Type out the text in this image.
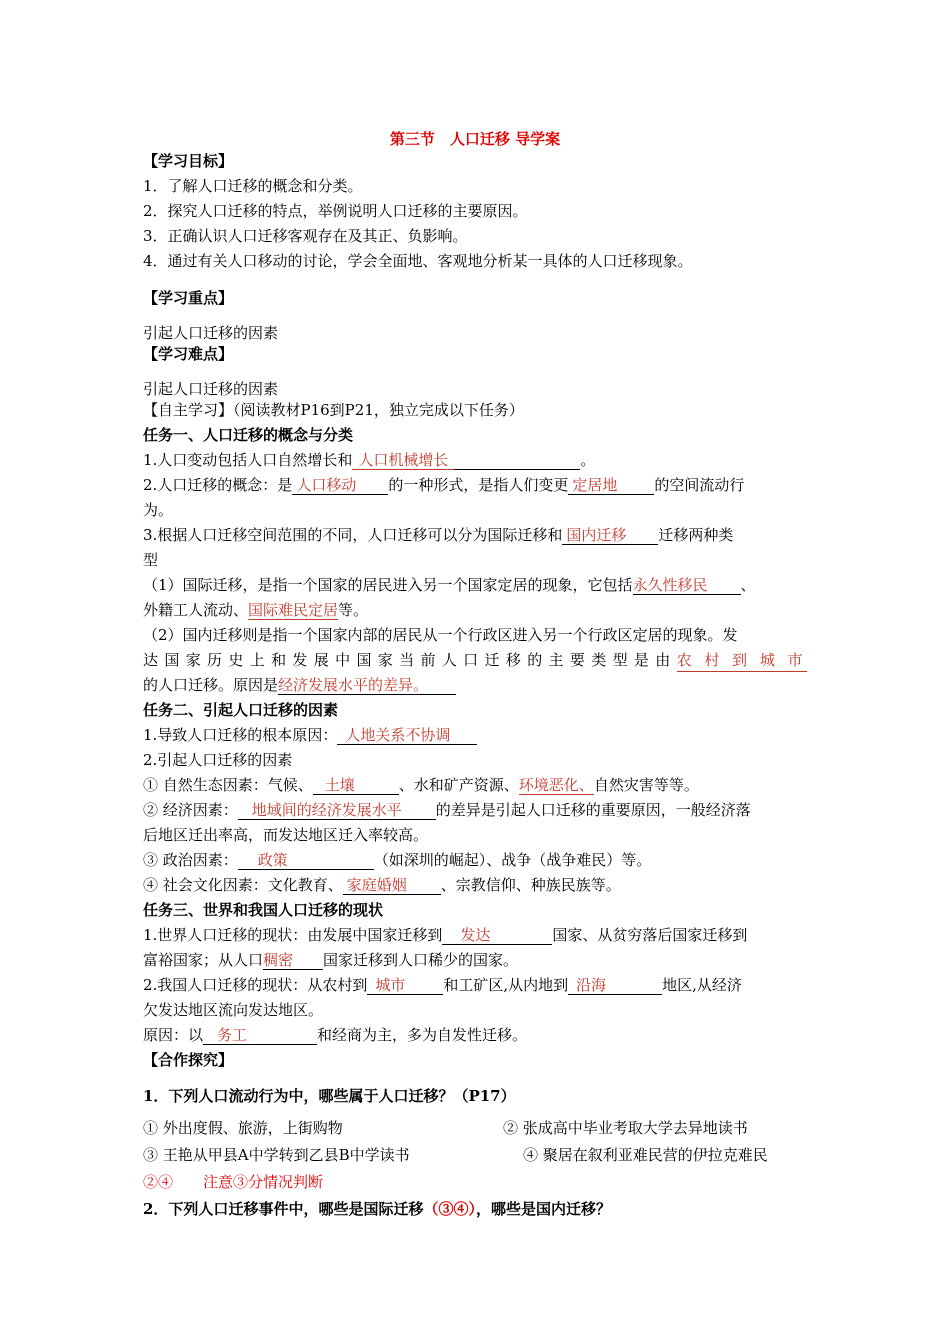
第三节　人口迁移 导学案
【学习目标】
1．了解人口迁移的概念和分类。
2．探究人口迁移的特点，举例说明人口迁移的主要原因。
3．正确认识人口迁移客观存在及其正、负影响。
4．通过有关人口移动的讨论，学会全面地、客观地分析某一具体的人口迁移现象。
【学习重点】
引起人口迁移的因素
【学习难点】
引起人口迁移的因素
【自主学习】（阅读教材P16到P21，独立完成以下任务）
任务一、人口迁移的概念与分类
1.人口变动包括人口自然增长和 人口机械增长	。
2.人口迁移的概念：是 人口移动 的一种形式，是指人们变更 定居地 的空间流动行
为。
3.根据人口迁移空间范围的不同，人口迁移可以分为国际迁移和 国内迁移 迁移两种类
型
（1）国际迁移，是指一个国家的居民进入另一个国家定居的现象，它包括永久性移民 、
外籍工人流动、国际难民定居等。
（2）国内迁移则是指一个国家内部的居民从一个行政区进入另一个行政区定居的现象。发
达 国 家 历 史 上 和 发 展 中 国 家 当 前 人 口 迁 移 的 主 要 类 型 是 由 农 村 到 城 市
的人口迁移。原因是经济发展水平的差异。
任务二、引起人口迁移的因素
1.导致人口迁移的根本原因： 人地关系不协调
2.引起人口迁移的因素
① 自然生态因素：气候、 土壤	、水和矿产资源、环境恶化、自然灾害等等。
② 经济因素： 地域间的经济发展水平 的差异是引起人口迁移的重要原因，一般经济落
后地区迁出率高，而发达地区迁入率较高。
③ 政治因素： 政策	（如深圳的崛起）、战争（战争难民）等。
④ 社会文化因素：文化教育、 家庭婚姻 、宗教信仰、种族民族等。
任务三、世界和我国人口迁移的现状
1.世界人口迁移的现状：由发展中国家迁移到 发达	国家、从贫穷落后国家迁移到
富裕国家；从人口稠密 国家迁移到人口稀少的国家。
2.我国人口迁移的现状：从农村到 城市	和工矿区,从内地到 沿海	地区,从经济
欠发达地区流向发达地区。
原因：以 务工	和经商为主，多为自发性迁移。
【合作探究】
1．下列人口流动行为中，哪些属于人口迁移？（P17）
① 外出度假、旅游，上街购物	② 张成高中毕业考取大学去异地读书
③ 王艳从甲县A中学转到乙县B中学读书	④ 聚居在叙利亚难民营的伊拉克难民
②④　　注意③分情况判断
2．下列人口迁移事件中，哪些是国际迁移（③④），哪些是国内迁移？
